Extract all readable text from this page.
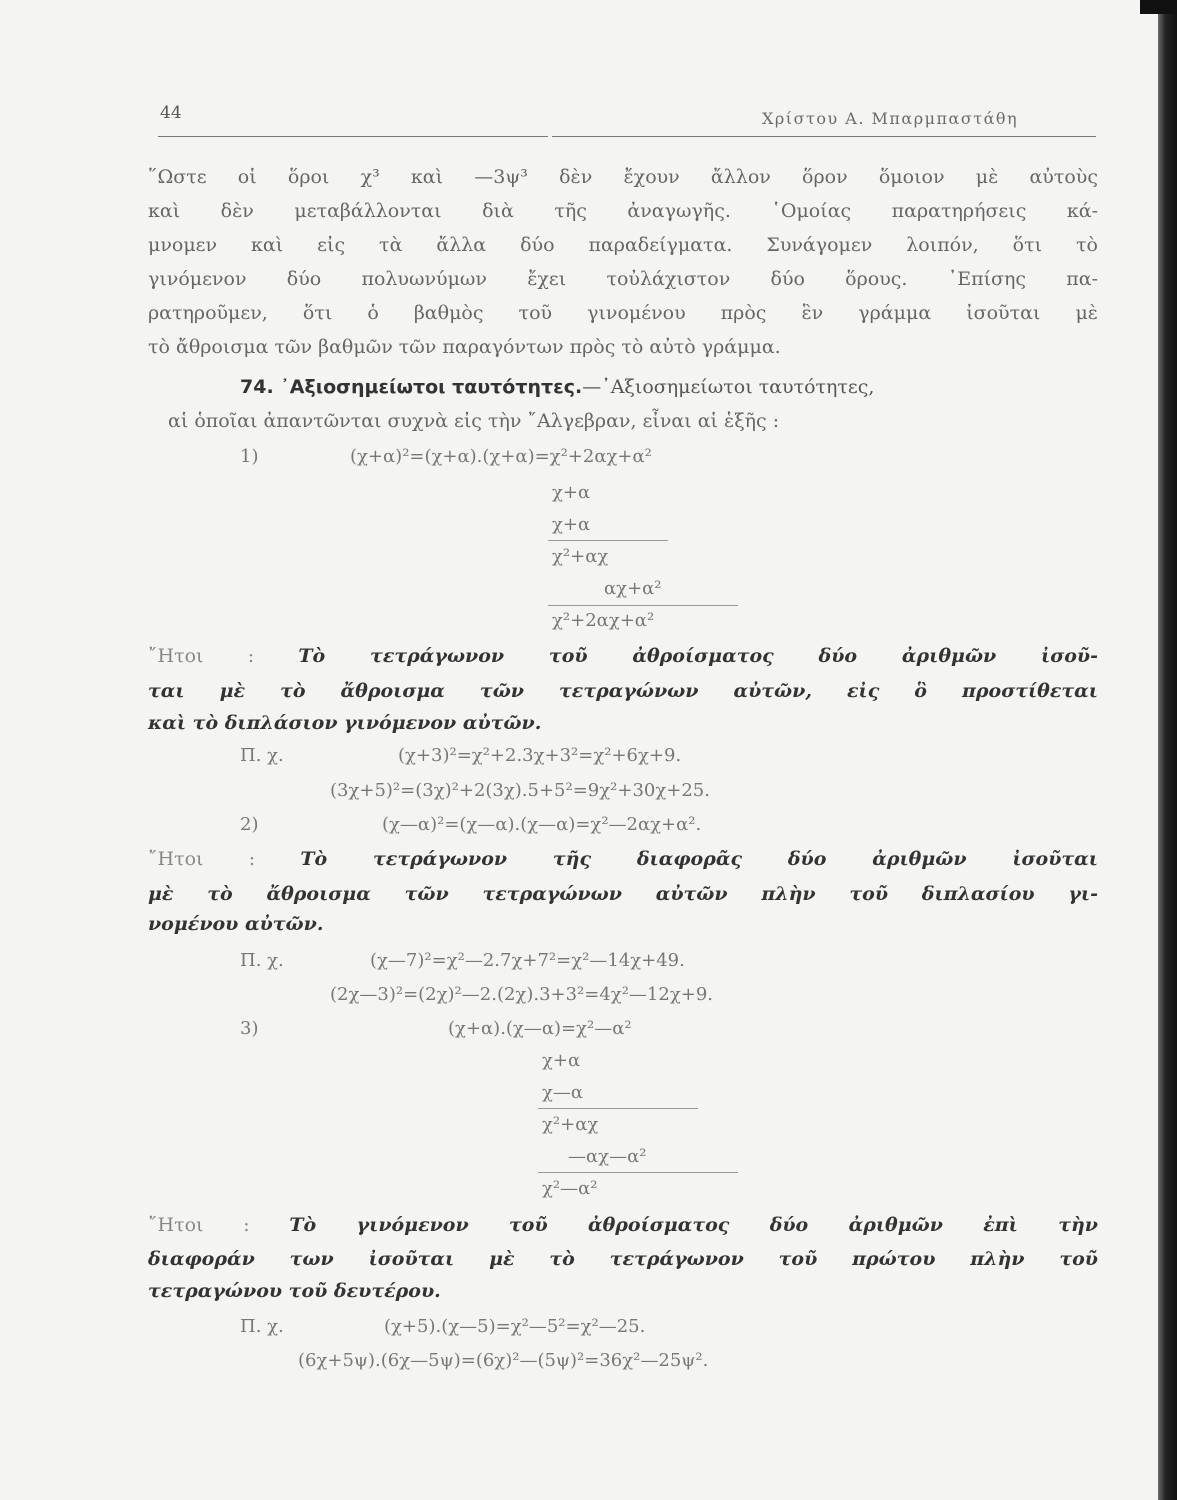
44	Χρίστου Α. Μπαρμπαστάθη
῞Ωστε οἱ ὅροι χ³ καὶ —3ψ³ δὲν ἔχουν ἄλλον ὅρον ὅμοιον μὲ αὐτοὺς
καὶ δὲν μεταβάλλονται διὰ τῆς ἀναγωγῆς. ῾Ομοίας παρατηρήσεις κά-
μνομεν καὶ εἰς τὰ ἄλλα δύο παραδείγματα. Συνάγομεν λοιπόν, ὅτι τὸ
γινόμενον δύο πολυωνύμων ἔχει τοὐλάχιστον δύο ὅρους. ᾿Επίσης πα-
ρατηροῦμεν, ὅτι ὁ βαθμὸς τοῦ γινομένου πρὸς ἓν γράμμα ἰσοῦται μὲ
τὸ ἄθροισμα τῶν βαθμῶν τῶν παραγόντων πρὸς τὸ αὐτὸ γράμμα.
74. ᾿Αξιοσημείωτοι ταυτότητες.—᾿Αξιοσημείωτοι ταυτότητες,
αἱ ὁποῖαι ἀπαντῶνται συχνὰ εἰς τὴν ῎Αλγεβραν, εἶναι αἱ ἑξῆς :
1)	(χ+α)²=(χ+α).(χ+α)=χ²+2αχ+α²
χ+α
χ+α
χ²+αχ
αχ+α²
χ²+2αχ+α²
῎Ητοι : Τὸ τετράγωνον τοῦ ἀθροίσματος δύο ἀριθμῶν ἰσοῦ-
ται μὲ τὸ ἄθροισμα τῶν τετραγώνων αὐτῶν, εἰς ὃ προστίθεται
καὶ τὸ διπλάσιον γινόμενον αὐτῶν.
Π. χ.	(χ+3)²=χ²+2.3χ+3²=χ²+6χ+9.
(3χ+5)²=(3χ)²+2(3χ).5+5²=9χ²+30χ+25.
2)	(χ—α)²=(χ—α).(χ—α)=χ²—2αχ+α².
῎Ητοι : Τὸ τετράγωνον τῆς διαφορᾶς δύο ἀριθμῶν ἰσοῦται
μὲ τὸ ἄθροισμα τῶν τετραγώνων αὐτῶν πλὴν τοῦ διπλασίου γι-
νομένου αὐτῶν.
Π. χ.	(χ—7)²=χ²—2.7χ+7²=χ²—14χ+49.
(2χ—3)²=(2χ)²—2.(2χ).3+3²=4χ²—12χ+9.
3)	(χ+α).(χ—α)=χ²—α²
χ+α
χ—α
χ²+αχ
—αχ—α²
χ²—α²
῎Ητοι : Τὸ γινόμενον τοῦ ἀθροίσματος δύο ἀριθμῶν ἐπὶ τὴν
διαφοράν των ἰσοῦται μὲ τὸ τετράγωνον τοῦ πρώτου πλὴν τοῦ
τετραγώνου τοῦ δευτέρου.
Π. χ.	(χ+5).(χ—5)=χ²—5²=χ²—25.
(6χ+5ψ).(6χ—5ψ)=(6χ)²—(5ψ)²=36χ²—25ψ².
